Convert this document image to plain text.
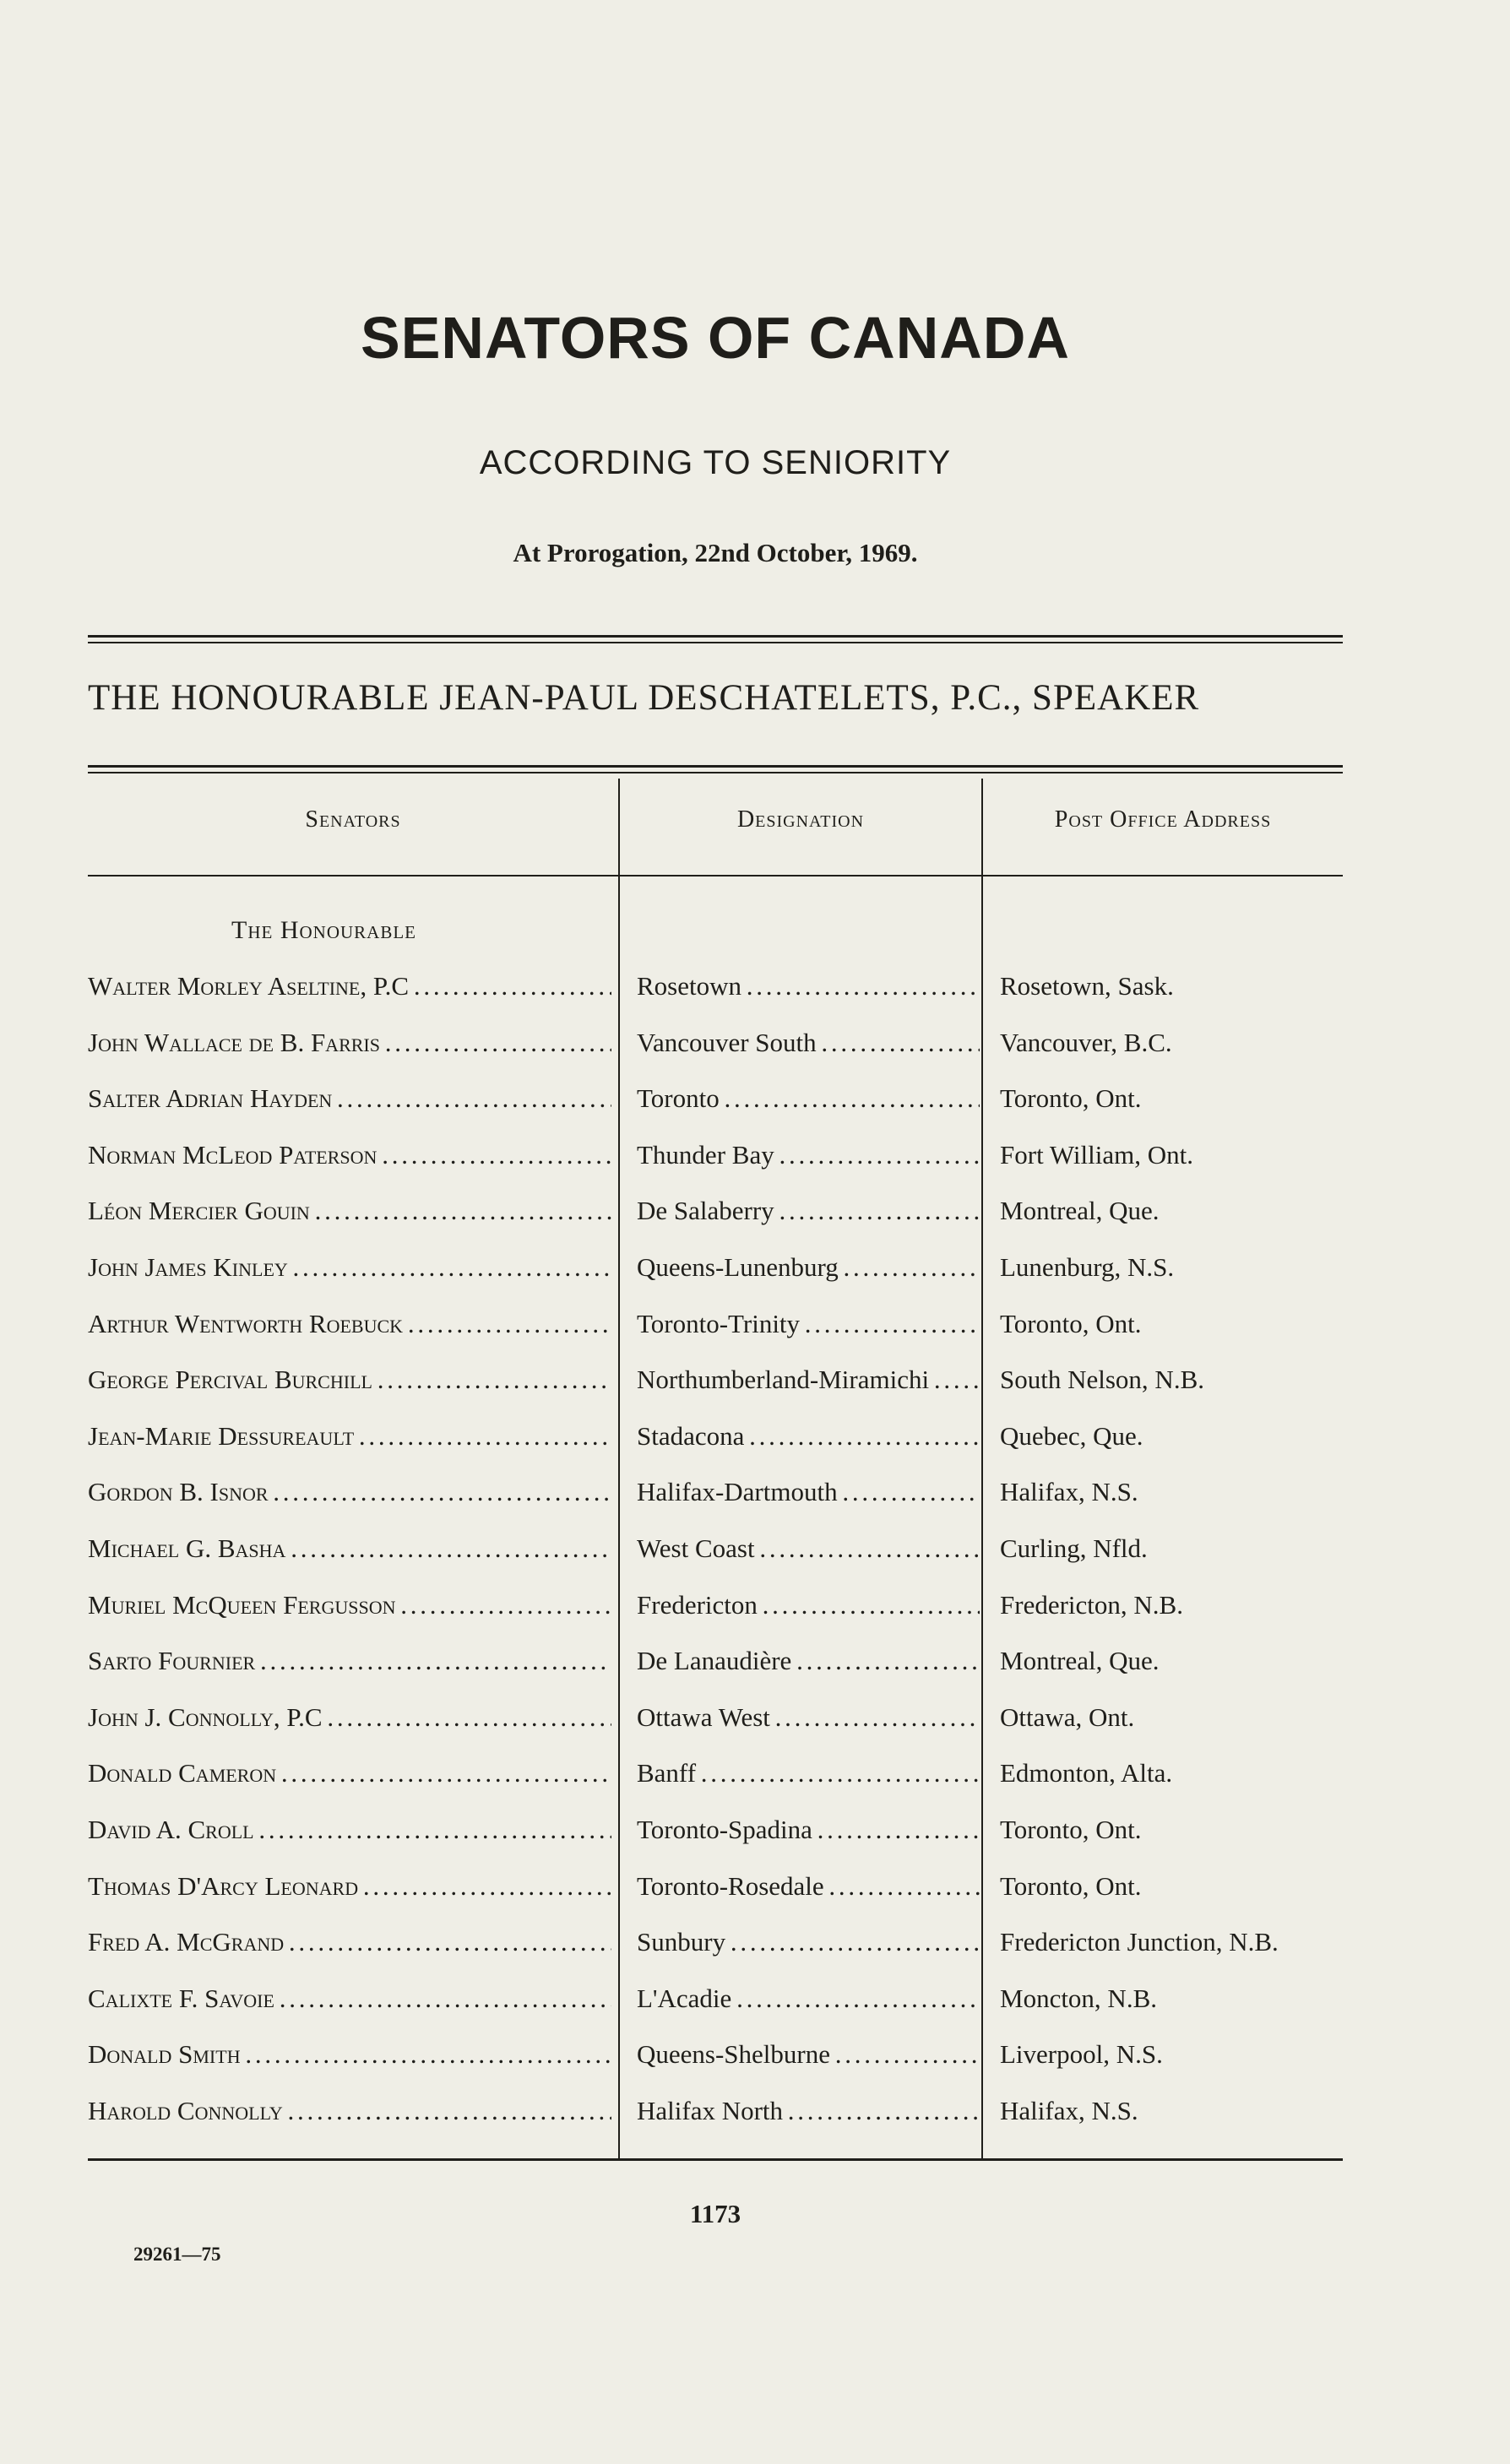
SENATORS OF CANADA
ACCORDING TO SENIORITY
At Prorogation, 22nd October, 1969.
THE HONOURABLE JEAN-PAUL DESCHATELETS, P.C., SPEAKER
Senators	Designation	Post Office Address
The Honourable
Walter Morley Aseltine, P.C . . .	Rosetown . . .	Rosetown, Sask.
John Wallace de B. Farris . . .	Vancouver South . . .	Vancouver, B.C.
Salter Adrian Hayden . . .	Toronto . . .	Toronto, Ont.
Norman McLeod Paterson . . .	Thunder Bay . . .	Fort William, Ont.
Léon Mercier Gouin . . .	De Salaberry . . .	Montreal, Que.
John James Kinley . . .	Queens-Lunenburg . . .	Lunenburg, N.S.
Arthur Wentworth Roebuck . . .	Toronto-Trinity . . .	Toronto, Ont.
George Percival Burchill . . .	Northumberland-Miramichi . . .	South Nelson, N.B.
Jean-Marie Dessureault . . .	Stadacona . . .	Quebec, Que.
Gordon B. Isnor . . .	Halifax-Dartmouth . . .	Halifax, N.S.
Michael G. Basha . . .	West Coast . . .	Curling, Nfld.
Muriel McQueen Fergusson . . .	Fredericton . . .	Fredericton, N.B.
Sarto Fournier . . .	De Lanaudière . . .	Montreal, Que.
John J. Connolly, P.C . . .	Ottawa West . . .	Ottawa, Ont.
Donald Cameron . . .	Banff . . .	Edmonton, Alta.
David A. Croll . . .	Toronto-Spadina . . .	Toronto, Ont.
Thomas D'Arcy Leonard . . .	Toronto-Rosedale . . .	Toronto, Ont.
Fred A. McGrand . . .	Sunbury . . .	Fredericton Junction, N.B.
Calixte F. Savoie . . .	L'Acadie . . .	Moncton, N.B.
Donald Smith . . .	Queens-Shelburne . . .	Liverpool, N.S.
Harold Connolly . . .	Halifax North . . .	Halifax, N.S.
1173
29261—75
